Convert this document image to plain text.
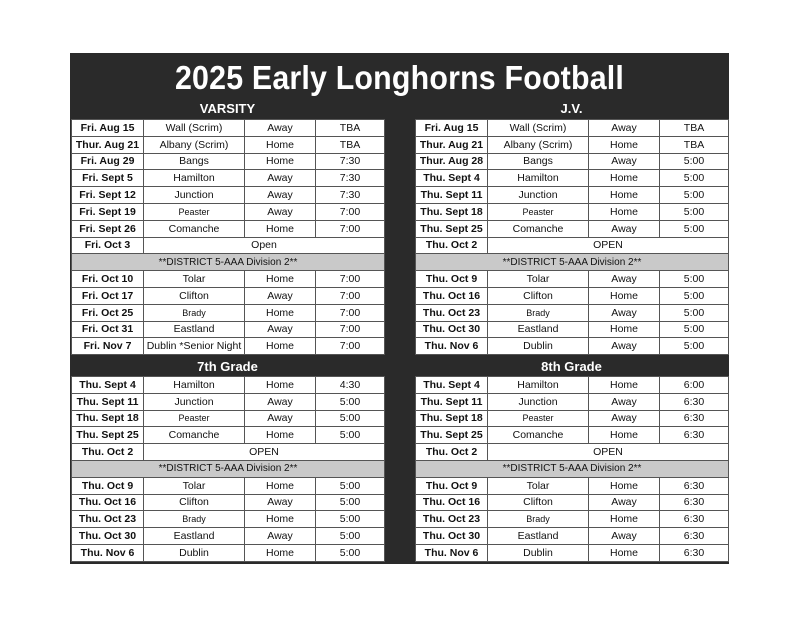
2025 Early Longhorns Football
VARSITY	J.V.
Fri. Aug 15	Wall (Scrim)	Away	TBA
Thur. Aug 21	Albany (Scrim)	Home	TBA
Fri. Aug 29	Bangs	Home	7:30
Fri. Sept 5	Hamilton	Away	7:30
Fri. Sept 12	Junction	Away	7:30
Fri. Sept 19	Peaster	Away	7:00
Fri. Sept 26	Comanche	Home	7:00
Fri. Oct 3	Open		
**DISTRICT 5-AAA Division 2**			
Fri. Oct 10	Tolar	Home	7:00
Fri. Oct 17	Clifton	Away	7:00
Fri. Oct 25	Brady	Home	7:00
Fri. Oct 31	Eastland	Away	7:00
Fri. Nov 7	Dublin *Senior Night	Home	7:00
Fri. Aug 15	Wall (Scrim)	Away	TBA
Thur. Aug 21	Albany (Scrim)	Home	TBA
Thur. Aug 28	Bangs	Away	5:00
Thu. Sept 4	Hamilton	Home	5:00
Thu. Sept 11	Junction	Home	5:00
Thu. Sept 18	Peaster	Home	5:00
Thu. Sept 25	Comanche	Away	5:00
Thu. Oct 2	OPEN		
**DISTRICT 5-AAA Division 2**			
Thu. Oct 9	Tolar	Away	5:00
Thu. Oct 16	Clifton	Home	5:00
Thu. Oct 23	Brady	Away	5:00
Thu. Oct 30	Eastland	Home	5:00
Thu. Nov 6	Dublin	Away	5:00
7th Grade	8th Grade
Thu. Sept 4	Hamilton	Home	4:30
Thu. Sept 11	Junction	Away	5:00
Thu. Sept 18	Peaster	Away	5:00
Thu. Sept 25	Comanche	Home	5:00
Thu. Oct 2	OPEN		
**DISTRICT 5-AAA Division 2**			
Thu. Oct 9	Tolar	Home	5:00
Thu. Oct 16	Clifton	Away	5:00
Thu. Oct 23	Brady	Home	5:00
Thu. Oct 30	Eastland	Away	5:00
Thu. Nov 6	Dublin	Home	5:00
Thu. Sept 4	Hamilton	Home	6:00
Thu. Sept 11	Junction	Away	6:30
Thu. Sept 18	Peaster	Away	6:30
Thu. Sept 25	Comanche	Home	6:30
Thu. Oct 2	OPEN		
**DISTRICT 5-AAA Division 2**			
Thu. Oct 9	Tolar	Home	6:30
Thu. Oct 16	Clifton	Away	6:30
Thu. Oct 23	Brady	Home	6:30
Thu. Oct 30	Eastland	Away	6:30
Thu. Nov 6	Dublin	Home	6:30
